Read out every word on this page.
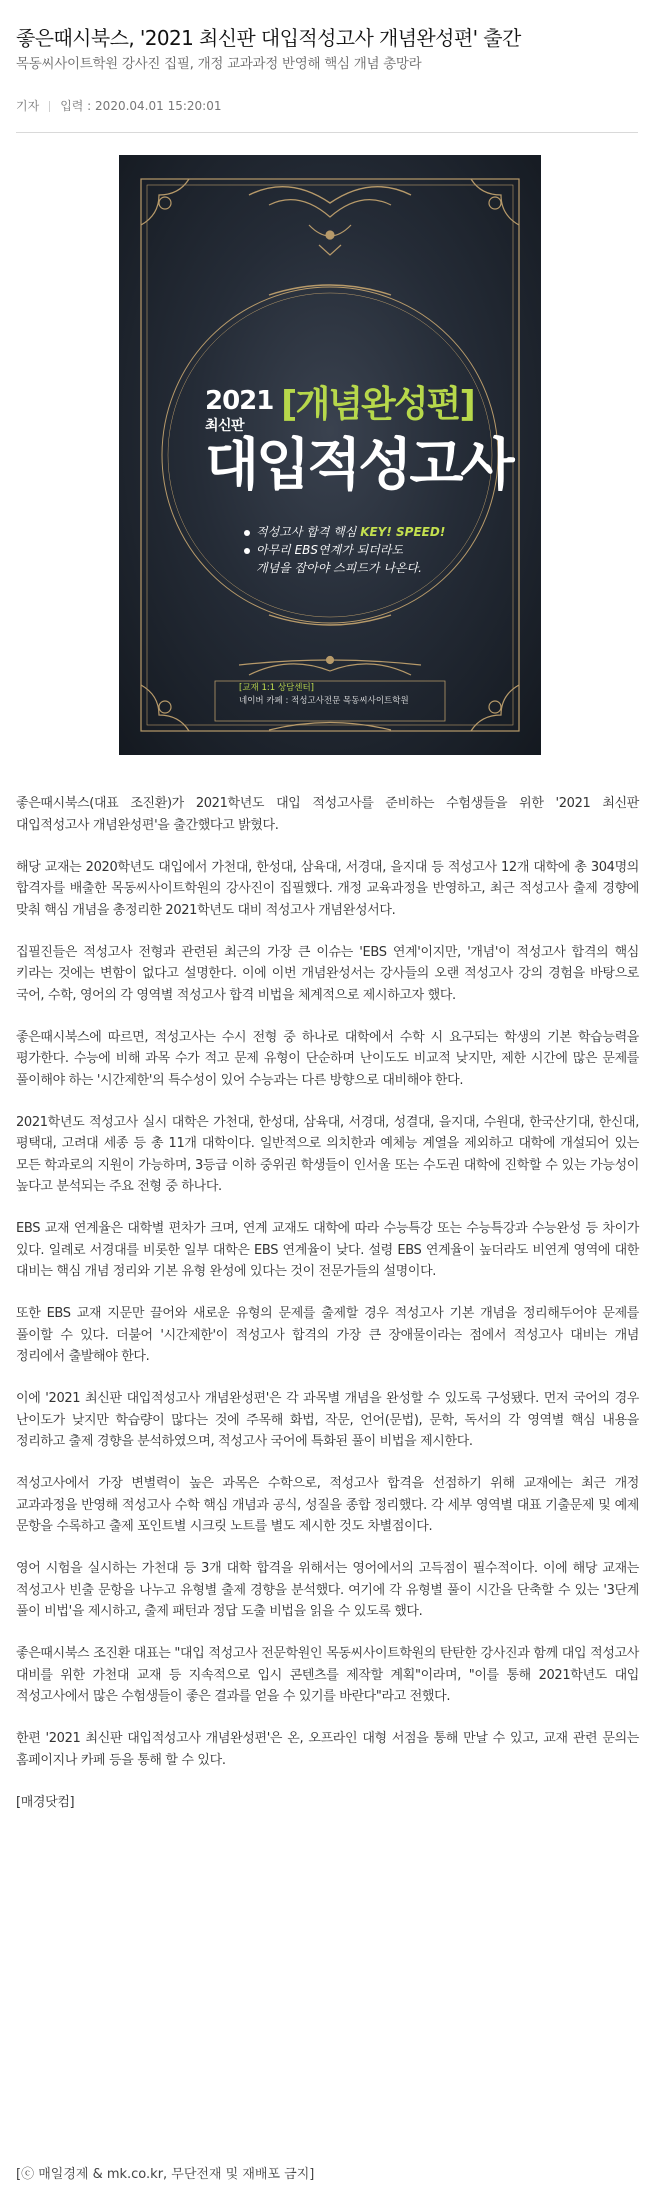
좋은때시북스, '2021 최신판 대입적성고사 개념완성편' 출간
목동씨사이트학원 강사진 집필, 개정 교과과정 반영해 핵심 개념 총망라
기자 입력 : 2020.04.01 15:20:01
2021
최신판
[개념완성편]
대입적성고사
적성고사 합격 핵심 KEY! SPEED!
아무리 EBS연계가 되더라도
개념을 잡아야 스피드가 나온다.
[교재 1:1 상담센터]
네이버 카페 : 적성고사전문 목동씨사이트학원

좋은때시북스(대표 조진환)가 2021학년도 대입 적성고사를 준비하는 수험생들을 위한 '2021 최신판 대입적성고사 개념완성편'을 출간했다고 밝혔다.

해당 교재는 2020학년도 대입에서 가천대, 한성대, 삼육대, 서경대, 을지대 등 적성고사 12개 대학에 총 304명의 합격자를 배출한 목동씨사이트학원의 강사진이 집필했다. 개정 교육과정을 반영하고, 최근 적성고사 출제 경향에 맞춰 핵심 개념을 총정리한 2021학년도 대비 적성고사 개념완성서다.

집필진들은 적성고사 전형과 관련된 최근의 가장 큰 이슈는 'EBS 연계'이지만, '개념'이 적성고사 합격의 핵심 키라는 것에는 변함이 없다고 설명한다. 이에 이번 개념완성서는 강사들의 오랜 적성고사 강의 경험을 바탕으로 국어, 수학, 영어의 각 영역별 적성고사 합격 비법을 체계적으로 제시하고자 했다.

좋은때시북스에 따르면, 적성고사는 수시 전형 중 하나로 대학에서 수학 시 요구되는 학생의 기본 학습능력을 평가한다. 수능에 비해 과목 수가 적고 문제 유형이 단순하며 난이도도 비교적 낮지만, 제한 시간에 많은 문제를 풀이해야 하는 '시간제한'의 특수성이 있어 수능과는 다른 방향으로 대비해야 한다.

2021학년도 적성고사 실시 대학은 가천대, 한성대, 삼육대, 서경대, 성결대, 을지대, 수원대, 한국산기대, 한신대, 평택대, 고려대 세종 등 총 11개 대학이다. 일반적으로 의치한과 예체능 계열을 제외하고 대학에 개설되어 있는 모든 학과로의 지원이 가능하며, 3등급 이하 중위권 학생들이 인서울 또는 수도권 대학에 진학할 수 있는 가능성이 높다고 분석되는 주요 전형 중 하나다.

EBS 교재 연계율은 대학별 편차가 크며, 연계 교재도 대학에 따라 수능특강 또는 수능특강과 수능완성 등 차이가 있다. 일례로 서경대를 비롯한 일부 대학은 EBS 연계율이 낮다. 설령 EBS 연계율이 높더라도 비연계 영역에 대한 대비는 핵심 개념 정리와 기본 유형 완성에 있다는 것이 전문가들의 설명이다.

또한 EBS 교재 지문만 끌어와 새로운 유형의 문제를 출제할 경우 적성고사 기본 개념을 정리해두어야 문제를 풀이할 수 있다. 더불어 '시간제한'이 적성고사 합격의 가장 큰 장애물이라는 점에서 적성고사 대비는 개념 정리에서 출발해야 한다.

이에 '2021 최신판 대입적성고사 개념완성편'은 각 과목별 개념을 완성할 수 있도록 구성됐다. 먼저 국어의 경우 난이도가 낮지만 학습량이 많다는 것에 주목해 화법, 작문, 언어(문법), 문학, 독서의 각 영역별 핵심 내용을 정리하고 출제 경향을 분석하였으며, 적성고사 국어에 특화된 풀이 비법을 제시한다.

적성고사에서 가장 변별력이 높은 과목은 수학으로, 적성고사 합격을 선점하기 위해 교재에는 최근 개정 교과과정을 반영해 적성고사 수학 핵심 개념과 공식, 성질을 종합 정리했다. 각 세부 영역별 대표 기출문제 및 예제 문항을 수록하고 출제 포인트별 시크릿 노트를 별도 제시한 것도 차별점이다.

영어 시험을 실시하는 가천대 등 3개 대학 합격을 위해서는 영어에서의 고득점이 필수적이다. 이에 해당 교재는 적성고사 빈출 문항을 나누고 유형별 출제 경향을 분석했다. 여기에 각 유형별 풀이 시간을 단축할 수 있는 '3단계 풀이 비법'을 제시하고, 출제 패턴과 정답 도출 비법을 읽을 수 있도록 했다.

좋은때시북스 조진환 대표는 "대입 적성고사 전문학원인 목동씨사이트학원의 탄탄한 강사진과 함께 대입 적성고사 대비를 위한 가천대 교재 등 지속적으로 입시 콘텐츠를 제작할 계획"이라며, "이를 통해 2021학년도 대입 적성고사에서 많은 수험생들이 좋은 결과를 얻을 수 있기를 바란다"라고 전했다.

한편 '2021 최신판 대입적성고사 개념완성편'은 온, 오프라인 대형 서점을 통해 만날 수 있고, 교재 관련 문의는 홈페이지나 카페 등을 통해 할 수 있다.

[매경닷컴]

[ⓒ 매일경제 & mk.co.kr, 무단전재 및 재배포 금지]
